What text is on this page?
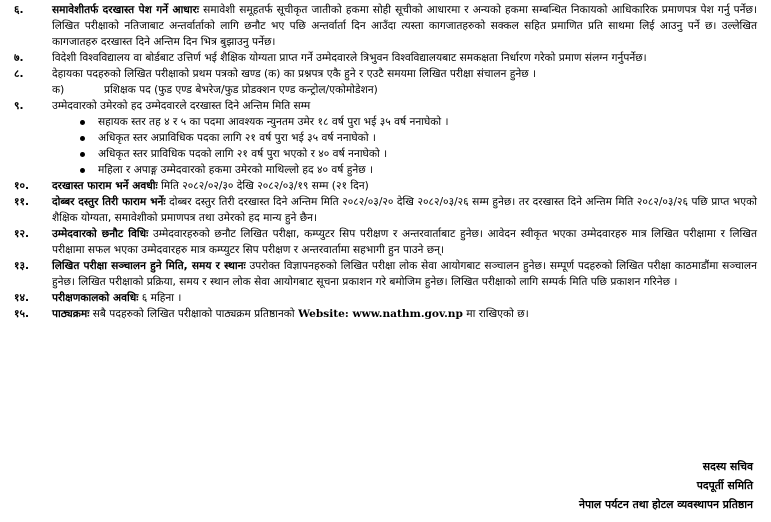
६.	समावेशीतर्फ दरखास्त पेश गर्ने आधारः समावेशी समूहतर्फ सूचीकृत जातीको हकमा सोही सूचीको आधारमा र अन्यको हकमा सम्बन्धित निकायको आधिकारिक प्रमाणपत्र पेश गर्नु पर्नेछ। लिखित परीक्षाको नतिजाबाट अन्तर्वार्ताको लागि छनौट भए पछि अन्तर्वार्ता दिन आउँदा त्यस्ता कागजातहरुको सक्कल सहित प्रमाणित प्रति साथमा लिई आउनु पर्ने छ। उल्लेखित कागजातहरु दरखास्त दिने अन्तिम दिन भित्र बुझाउनु पर्नेछ।
७.	विदेशी विश्वविद्यालय वा बोर्डबाट उत्तिर्ण भई शैक्षिक योग्यता प्राप्त गर्ने उम्मेदवारले त्रिभुवन विश्वविद्यालयबाट समकक्षता निर्धारण गरेको प्रमाण संलग्न गर्नुपर्नेछ।
८.	देहायका पदहरुको लिखित परीक्षाको प्रथम पत्रको खण्ड (क) का प्रश्नपत्र एकै हुने र एउटै समयमा लिखित परीक्षा संचालन हुनेछ ।
क)	प्रशिक्षक पद (फुड एण्ड बेभरेज/फुड प्रोडक्शन एण्ड कन्ट्रोल/एकोमोडेशन)
९.	उम्मेदवारको उमेरको हद उम्मेदवारले दरखास्त दिने अन्तिम मिति सम्म
सहायक स्तर तह ४ र ५ का पदमा आवश्यक न्युनतम उमेर १८ वर्ष पुरा भई ३५ वर्ष ननाघेको ।
अधिकृत स्तर अप्राविधिक पदका लागि २१ वर्ष पुरा भई ३५ वर्ष ननाघेको ।
अधिकृत स्तर प्राविधिक पदको लागि २१ वर्ष पुरा भएको र ४० वर्ष ननाघेको ।
महिला र अपाङ्ग उम्मेदवारको हकमा उमेरको माथिल्लो हद ४० वर्ष हुनेछ ।
१०.	दरखास्त फाराम भर्ने अवधीः मिति २०८२/०२/३० देखि २०८२/०३/१९ सम्म (२१ दिन)
११.	दोब्बर दस्तुर तिरी फाराम भर्नेः दोब्बर दस्तुर तिरी दरखास्त दिने अन्तिम मिति २०८२/०३/२० देखि २०८२/०३/२६ सम्म हुनेछ। तर दरखास्त दिने अन्तिम मिति २०८२/०३/२६ पछि प्राप्त भएको शैक्षिक योग्यता, समावेशीको प्रमाणपत्र तथा उमेरको हद मान्य हुने छैन।
१२.	उम्मेदवारको छनौट विधिः उम्मेदवारहरुको छनौट लिखित परीक्षा, कम्प्युटर सिप परीक्षण र अन्तरवार्ताबाट हुनेछ। आवेदन स्वीकृत भएका उम्मेदवारहरु मात्र लिखित परीक्षामा र लिखित परीक्षामा सफल भएका उम्मेदवारहरु मात्र कम्प्युटर सिप परीक्षण र अन्तरवार्तामा सहभागी हुन पाउने छन्।
१३.	लिखित परीक्षा सञ्चालन हुने मिति, समय र स्थानः उपरोक्त विज्ञापनहरुको लिखित परीक्षा लोक सेवा आयोगबाट सञ्चालन हुनेछ। सम्पूर्ण पदहरुको लिखित परीक्षा काठमाडौंमा सञ्चालन हुनेछ। लिखित परीक्षाको प्रक्रिया, समय र स्थान लोक सेवा आयोगबाट सूचना प्रकाशन गरे बमोजिम हुनेछ। लिखित परीक्षाको लागि सम्पर्क मिति पछि प्रकाशन गरिनेछ ।
१४.	परीक्षणकालको अवधिः ६ महिना ।
१५.	पाठ्यक्रमः सबै पदहरुको लिखित परीक्षाको पाठ्यक्रम प्रतिष्ठानको Website: www.nathm.gov.np मा राखिएको छ।
सदस्य सचिव
पदपूर्ती समिति
नेपाल पर्यटन तथा होटल व्यवस्थापन प्रतिष्ठान
